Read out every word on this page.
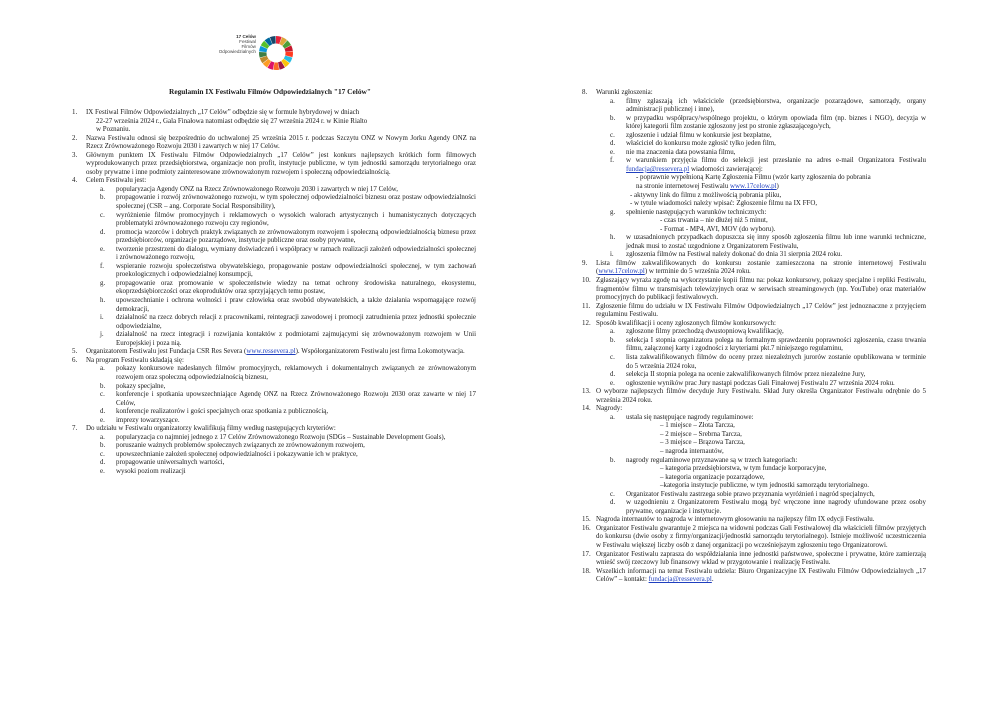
17 Celów
Festiwal
Filmów
Odpowiedzialnych
Regulamin IX Festiwalu Filmów Odpowiedzialnych "17 Celów"
1. IX Festiwal Filmów Odpowiedzialnych „17 Celów” odbędzie się w formule hybrydowej w dniach
22-27 września 2024 r., Gala Finałowa natomiast odbędzie się 27 września 2024 r. w Kinie Rialto
w Poznaniu.
2. Nazwa Festiwalu odnosi się bezpośrednio do uchwalonej 25 września 2015 r. podczas Szczytu ONZ w Nowym Jorku Agendy ONZ na Rzecz Zrównoważonego Rozwoju 2030 i zawartych w niej 17 Celów.
3. Głównym punktem IX Festiwalu Filmów Odpowiedzialnych „17 Celów” jest konkurs najlepszych krótkich form filmowych wyprodukowanych przez przedsiębiorstwa, organizacje non profit, instytucje publiczne, w tym jednostki samorządu terytorialnego oraz osoby prywatne i inne podmioty zainteresowane zrównoważonym rozwojem i społeczną odpowiedzialnością.
4. Celem Festiwalu jest:
a. popularyzacja Agendy ONZ na Rzecz Zrównoważonego Rozwoju 2030 i zawartych w niej 17 Celów,
b. propagowanie i rozwój zrównoważonego rozwoju, w tym społecznej odpowiedzialności biznesu oraz postaw odpowiedzialności społecznej (CSR – ang. Corporate Social Responsibility),
c. wyróżnienie filmów promocyjnych i reklamowych o wysokich walorach artystycznych i humanistycznych dotyczących problematyki zrównoważonego rozwoju czy regionów,
d. promocja wzorców i dobrych praktyk związanych ze zrównoważonym rozwojem i społeczną odpowiedzialnością biznesu przez przedsiębiorców, organizacje pozarządowe, instytucje publiczne oraz osoby prywatne,
e. tworzenie przestrzeni do dialogu, wymiany doświadczeń i współpracy w ramach realizacji założeń odpowiedzialności społecznej i zrównoważonego rozwoju,
f. wspieranie rozwoju społeczeństwa obywatelskiego, propagowanie postaw odpowiedzialności społecznej, w tym zachowań proekologicznych i odpowiedzialnej konsumpcji,
g. propagowanie oraz promowanie w społeczeństwie wiedzy na temat ochrony środowiska naturalnego, ekosystemu, ekoprzedsiębiorczości oraz ekoproduktów oraz sprzyjających temu postaw,
h. upowszechnianie i ochrona wolności i praw człowieka oraz swobód obywatelskich, a także działania wspomagające rozwój demokracji,
i. działalność na rzecz dobrych relacji z pracownikami, reintegracji zawodowej i promocji zatrudnienia przez jednostki społecznie odpowiedzialne,
j. działalność na rzecz integracji i rozwijania kontaktów z podmiotami zajmującymi się zrównoważonym rozwojem w Unii Europejskiej i poza nią.
5. Organizatorem Festiwalu jest Fundacja CSR Res Severa (www.ressevera.pl). Współorganizatorem Festiwalu jest firma Lokomotywacja.
6. Na program Festiwalu składają się:
a. pokazy konkursowe nadesłanych filmów promocyjnych, reklamowych i dokumentalnych związanych ze zrównoważonym rozwojem oraz społeczną odpowiedzialnością biznesu,
b. pokazy specjalne,
c. konferencje i spotkania upowszechniające Agendę ONZ na Rzecz Zrównoważonego Rozwoju 2030 oraz zawarte w niej 17 Celów,
d. konferencje realizatorów i gości specjalnych oraz spotkania z publicznością,
e. imprezy towarzyszące.
7. Do udziału w Festiwalu organizatorzy kwalifikują filmy według następujących kryteriów:
a. popularyzacja co najmniej jednego z 17 Celów Zrównoważonego Rozwoju (SDGs – Sustainable Development Goals),
b. poruszanie ważnych problemów społecznych związanych ze zrównoważonym rozwojem,
c. upowszechnianie założeń społecznej odpowiedzialności i pokazywanie ich w praktyce,
d. propagowanie uniwersalnych wartości,
e. wysoki poziom realizacji
8. Warunki zgłoszenia:
a. filmy zgłaszają ich właściciele (przedsiębiorstwa, organizacje pozarządowe, samorządy, organy administracji publicznej i inne),
b. w przypadku współpracy/wspólnego projektu, o którym opowiada film (np. biznes i NGO), decyzja w której kategorii film zostanie zgłoszony jest po stronie zgłaszającego/ych,
c. zgłoszenie i udział filmu w konkursie jest bezpłatne,
d. właściciel do konkursu może zgłosić tylko jeden film,
e. nie ma znaczenia data powstania filmu,
f. w warunkiem przyjęcia filmu do selekcji jest przesłanie na adres e-mail Organizatora Festiwalu fundacja@ressevera.pl wiadomości zawierającej:
- poprawnie wypełnioną Kartę Zgłoszenia Filmu (wzór karty zgłoszenia do pobrania
na stronie internetowej Festiwalu www.17celow.pl)
- aktywny link do filmu z możliwością pobrania pliku,
- w tytule wiadomości należy wpisać: Zgłoszenie filmu na IX FFO,
g. spełnienie następujących warunków technicznych:
- czas trwania – nie dłużej niż 5 minut,
- Format - MP4, AVI, MOV (do wyboru).
h. w uzasadnionych przypadkach dopuszcza się inny sposób zgłoszenia filmu lub inne warunki techniczne, jednak musi to zostać uzgodnione z Organizatorem Festiwalu,
i. zgłoszenia filmów na Festiwal należy dokonać do dnia 31 sierpnia 2024 roku.
9. Lista filmów zakwalifikowanych do konkursu zostanie zamieszczona na stronie internetowej Festiwalu (www.17celow.pl) w terminie do 5 września 2024 roku.
10. Zgłaszający wyraża zgodę na wykorzystanie kopii filmu na: pokaz konkursowy, pokazy specjalne i repliki Festiwalu, fragmentów filmu w transmisjach telewizyjnych oraz w serwisach streamingowych (np. YouTube) oraz materiałów promocyjnych do publikacji festiwalowych.
11. Zgłoszenie filmu do udziału w IX Festiwalu Filmów Odpowiedzialnych „17 Celów” jest jednoznaczne z przyjęciem regulaminu Festiwalu.
12. Sposób kwalifikacji i oceny zgłoszonych filmów konkursowych:
a. zgłoszone filmy przechodzą dwustopniową kwalifikację,
b. selekcja I stopnia organizatora polega na formalnym sprawdzeniu poprawności zgłoszenia, czasu trwania filmu, załączonej karty i zgodności z kryteriami pkt.7 niniejszego regulaminu,
c. lista zakwalifikowanych filmów do oceny przez niezależnych jurorów zostanie opublikowana w terminie do 5 września 2024 roku,
d. selekcja II stopnia polega na ocenie zakwalifikowanych filmów przez niezależne Jury,
e. ogłoszenie wyników prac Jury nastąpi podczas Gali Finałowej Festiwalu 27 września 2024 roku.
13. O wyborze najlepszych filmów decyduje Jury Festiwalu. Skład Jury określa Organizator Festiwalu odrębnie do 5 września 2024 roku.
14. Nagrody:
a. ustala się następujące nagrody regulaminowe:
– 1 miejsce – Złota Tarcza,
– 2 miejsce – Srebrna Tarcza,
– 3 miejsce – Brązowa Tarcza,
– nagroda internautów,
b. nagrody regulaminowe przyznawane są w trzech kategoriach:
– kategoria przedsiębiorstwa, w tym fundacje korporacyjne,
– kategoria organizacje pozarządowe,
–kategoria instytucje publiczne, w tym jednostki samorządu terytorialnego.
c. Organizator Festiwalu zastrzega sobie prawo przyznania wyróżnień i nagród specjalnych,
d. w uzgodnieniu z Organizatorem Festiwalu mogą być wręczone inne nagrody ufundowane przez osoby prywatne, organizacje i instytucje.
15. Nagroda internautów to nagroda w internetowym głosowaniu na najlepszy film IX edycji Festiwalu.
16. Organizator Festiwalu gwarantuje 2 miejsca na widowni podczas Gali Festiwalowej dla właścicieli filmów przyjętych do konkursu (dwie osoby z firmy/organizacji/jednostki samorządu terytorialnego). Istnieje możliwość uczestniczenia w Festiwalu większej liczby osób z danej organizacji po wcześniejszym zgłoszeniu tego Organizatorowi.
17. Organizator Festiwalu zaprasza do współdziałania inne jednostki państwowe, społeczne i prywatne, które zamierzają wnieść swój rzeczowy lub finansowy wkład w przygotowanie i realizację Festiwalu.
18. Wszelkich informacji na temat Festiwalu udziela: Biuro Organizacyjne IX Festiwalu Filmów Odpowiedzialnych „17 Celów” – kontakt: fundacja@ressevera.pl.
